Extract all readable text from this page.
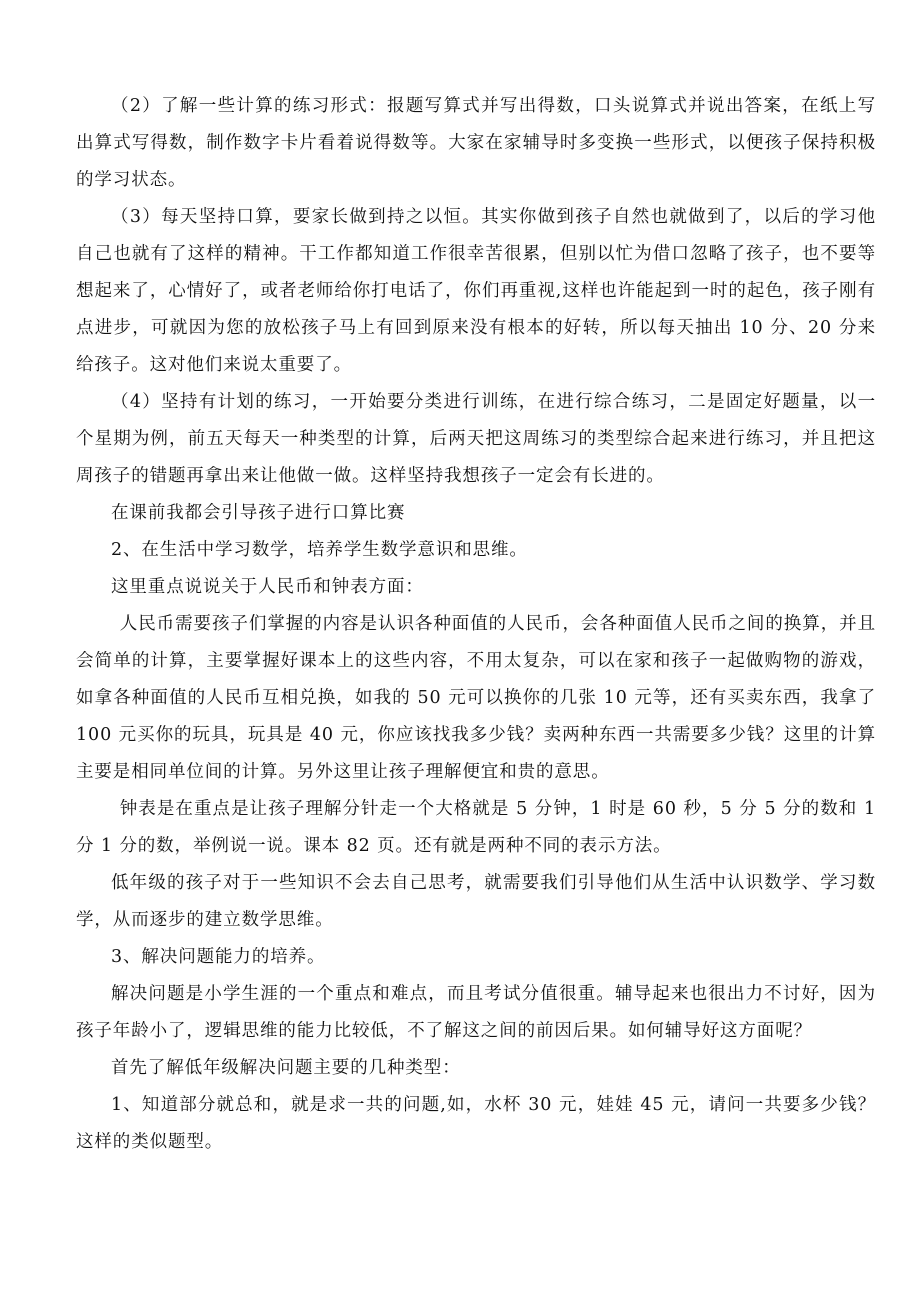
（2）了解一些计算的练习形式：报题写算式并写出得数，口头说算式并说出答案，在纸上写出算式写得数，制作数字卡片看着说得数等。大家在家辅导时多变换一些形式，以便孩子保持积极的学习状态。

（3）每天坚持口算，要家长做到持之以恒。其实你做到孩子自然也就做到了，以后的学习他自己也就有了这样的精神。干工作都知道工作很幸苦很累，但别以忙为借口忽略了孩子，也不要等想起来了，心情好了，或者老师给你打电话了，你们再重视,这样也许能起到一时的起色，孩子刚有点进步，可就因为您的放松孩子马上有回到原来没有根本的好转，所以每天抽出 10 分、20 分来给孩子。这对他们来说太重要了。

（4）坚持有计划的练习，一开始要分类进行训练，在进行综合练习，二是固定好题量，以一个星期为例，前五天每天一种类型的计算，后两天把这周练习的类型综合起来进行练习，并且把这周孩子的错题再拿出来让他做一做。这样坚持我想孩子一定会有长进的。

在课前我都会引导孩子进行口算比赛

2、在生活中学习数学，培养学生数学意识和思维。

这里重点说说关于人民币和钟表方面：

人民币需要孩子们掌握的内容是认识各种面值的人民币，会各种面值人民币之间的换算，并且会简单的计算，主要掌握好课本上的这些内容，不用太复杂，可以在家和孩子一起做购物的游戏，如拿各种面值的人民币互相兑换，如我的 50 元可以换你的几张 10 元等，还有买卖东西，我拿了 100 元买你的玩具，玩具是 40 元，你应该找我多少钱？卖两种东西一共需要多少钱？这里的计算主要是相同单位间的计算。另外这里让孩子理解便宜和贵的意思。

钟表是在重点是让孩子理解分针走一个大格就是 5 分钟，1 时是 60 秒，5 分 5 分的数和 1 分 1 分的数，举例说一说。课本 82 页。还有就是两种不同的表示方法。

低年级的孩子对于一些知识不会去自己思考，就需要我们引导他们从生活中认识数学、学习数学，从而逐步的建立数学思维。

3、解决问题能力的培养。

解决问题是小学生涯的一个重点和难点，而且考试分值很重。辅导起来也很出力不讨好，因为孩子年龄小了，逻辑思维的能力比较低，不了解这之间的前因后果。如何辅导好这方面呢？

首先了解低年级解决问题主要的几种类型：

1、知道部分就总和，就是求一共的问题,如，水杯 30 元，娃娃 45 元，请问一共要多少钱？这样的类似题型。
